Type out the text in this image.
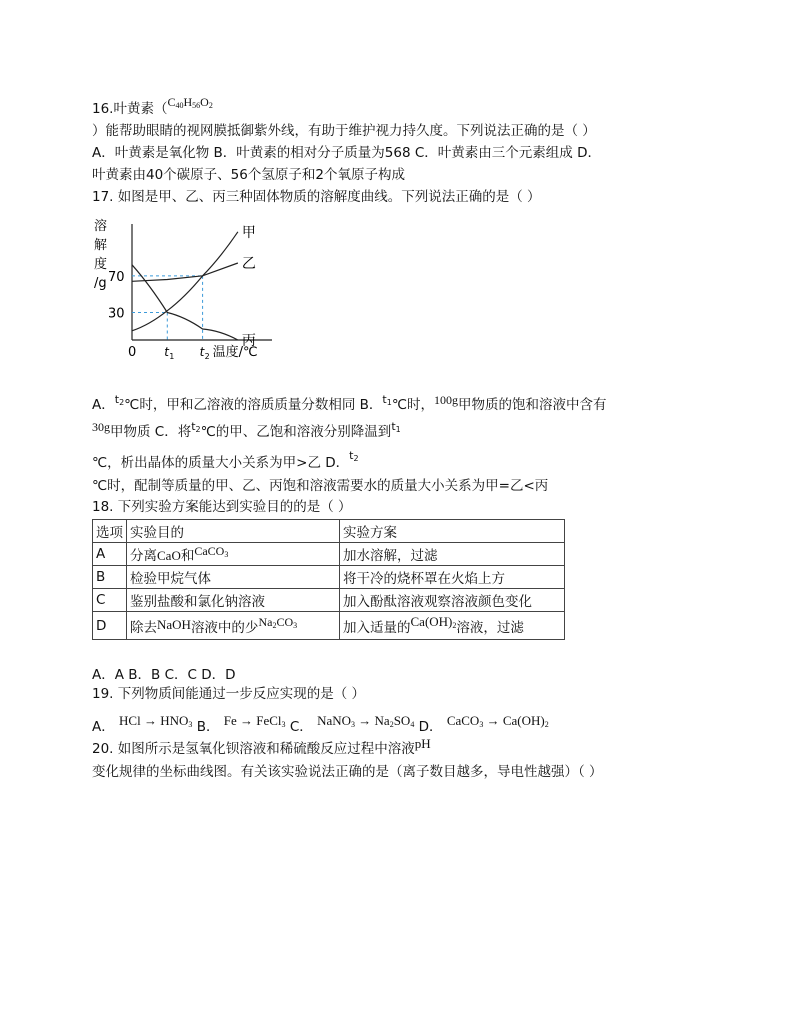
16.叶黄素（$C_{40}H_{56}O_2$
）能帮助眼睛的视网膜抵御紫外线，有助于维护视力持久度。下列说法正确的是（ ）
A．叶黄素是氧化物 B．叶黄素的相对分子质量为568 C．叶黄素由三个元素组成 D．
叶黄素由40个碳原子、56个氢原子和2个氧原子构成
17. 如图是甲、乙、丙三种固体物质的溶解度曲线。下列说法正确的是（ ）
溶
解
度
/g
0
30
70
t 1 t 2 温度/℃
甲
乙
丙
A．$^{t_2}$℃时，甲和乙溶液的溶质质量分数相同 B．$^{t_1}$℃时，100g甲物质的饱和溶液中含有
30g甲物质 C．将$^{t_2}$℃的甲、乙饱和溶液分别降温到$^{t_1}$
℃，析出晶体的质量大小关系为甲>乙 D．$^{t_2}$
℃时，配制等质量的甲、乙、丙饱和溶液需要水的质量大小关系为甲=乙<丙
18. 下列实验方案能达到实验目的的是（ ）
选项	实验目的	实验方案
A	分离CaO和CaCO$_3$	加水溶解，过滤
B	检验甲烷气体	将干冷的烧杯罩在火焰上方
C	鉴别盐酸和氯化钠溶液	加入酚酞溶液观察溶液颜色变化
D	除去NaOH溶液中的少$Na_2CO_3$	加入适量的$Ca(OH)_2$溶液，过滤
A．A B．B C．C D．D
19. 下列物质间能通过一步反应实现的是（ ）
A． HCl → $HNO_3$ B． Fe → FeCl$_3$ C． NaNO$_3$ → $Na_2SO_4$ D． CaCO$_3$ → $Ca(OH)_2$
20. 如图所示是氢氧化钡溶液和稀硫酸反应过程中溶液pH
变化规律的坐标曲线图。有关该实验说法正确的是（离子数目越多，导电性越强）（ ）
